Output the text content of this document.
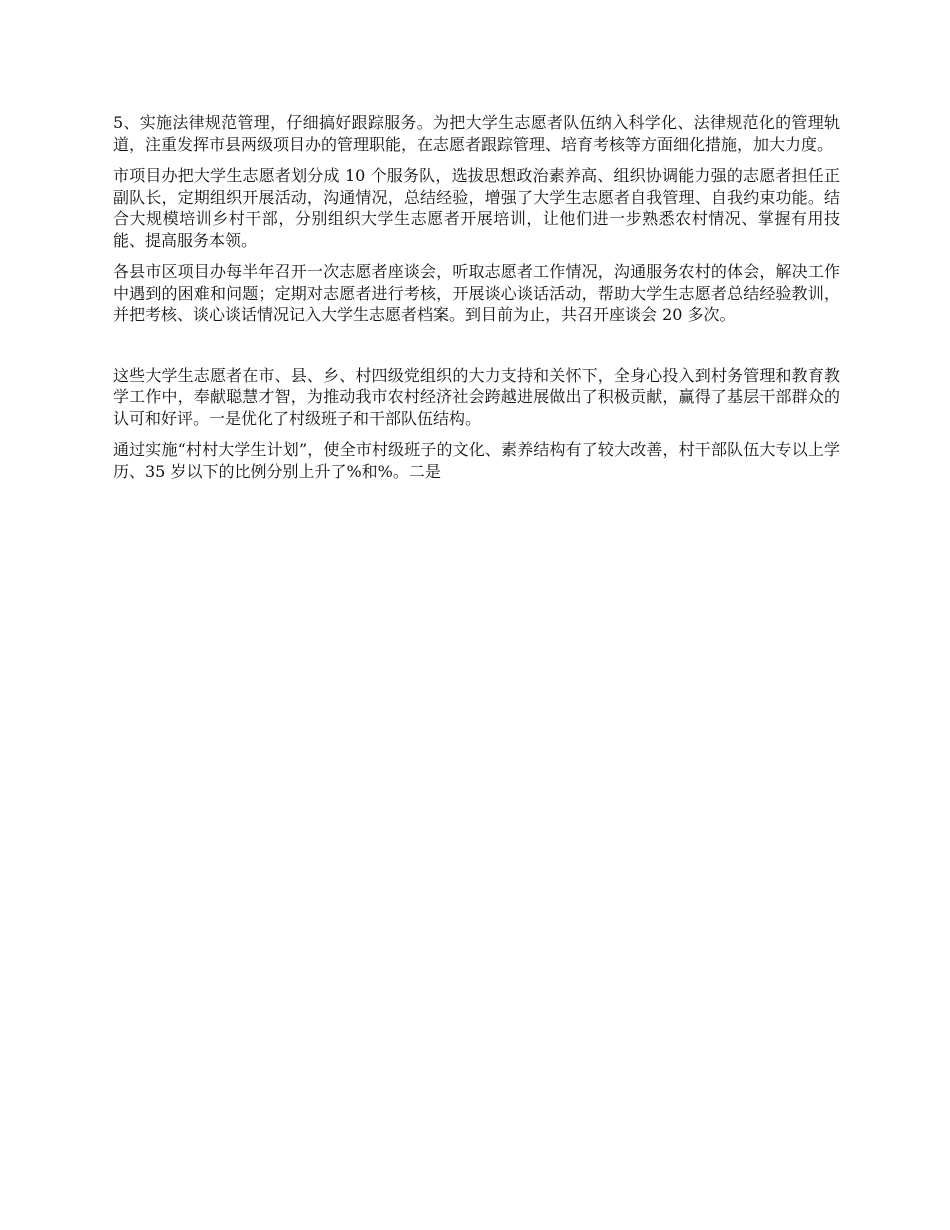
5、实施法律规范管理，仔细搞好跟踪服务。为把大学生志愿者队伍纳入科学化、法律规范化的管理轨道，注重发挥市县两级项目办的管理职能，在志愿者跟踪管理、培育考核等方面细化措施，加大力度。

市项目办把大学生志愿者划分成 10 个服务队，选拔思想政治素养高、组织协调能力强的志愿者担任正副队长，定期组织开展活动，沟通情况，总结经验，增强了大学生志愿者自我管理、自我约束功能。结合大规模培训乡村干部，分别组织大学生志愿者开展培训，让他们进一步熟悉农村情况、掌握有用技能、提高服务本领。

各县市区项目办每半年召开一次志愿者座谈会，听取志愿者工作情况，沟通服务农村的体会，解决工作中遇到的困难和问题；定期对志愿者进行考核，开展谈心谈话活动，帮助大学生志愿者总结经验教训，并把考核、谈心谈话情况记入大学生志愿者档案。到目前为止，共召开座谈会 20 多次。

这些大学生志愿者在市、县、乡、村四级党组织的大力支持和关怀下，全身心投入到村务管理和教育教学工作中，奉献聪慧才智，为推动我市农村经济社会跨越进展做出了积极贡献，赢得了基层干部群众的认可和好评。一是优化了村级班子和干部队伍结构。

通过实施“村村大学生计划”，使全市村级班子的文化、素养结构有了较大改善，村干部队伍大专以上学历、35 岁以下的比例分别上升了%和%。二是
